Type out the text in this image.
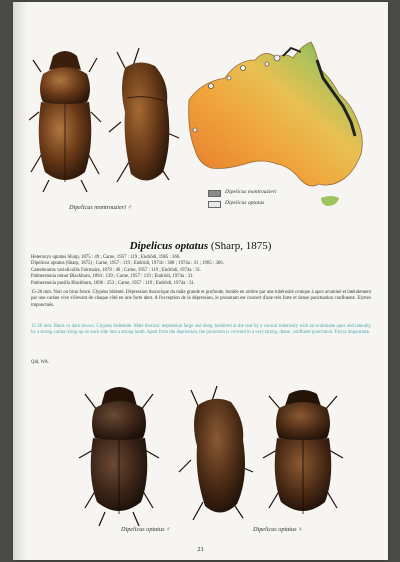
Dipelicus montrouzieri ♂
Dipelicus montrouzieri
Dipelicus optatus
Dipelicus optatus (Sharp, 1875)
Heteronyx optatus Sharp, 1875 : 49 ; Carne, 1957 : 119 ; Endrödi, 1985 : 366.
Dipelicus optatus (Sharp, 1875) ; Carne, 1957 : 119 ; Endrödi, 1971b : 308 ; 1974a : 31 ; 1985 : 366.
Castelnoutus variolicollis Fairmaire, 1878 : 46 ; Carne, 1957 : 119 ; Endrödi, 1974a : 31.
Palmerstonia minor Blackburn, 1894 : 139 ; Carne, 1957 : 119 ; Endrödi, 1974a : 31.
Palmerstonia pusilla Blackburn, 1896 : 253 ; Carne, 1957 : 119 ; Endrödi, 1974a : 31.
15-26 mm. Noir ou brun foncé. Clypéus bidenté. Dépression thoracique du mâle grande et profonde, bordée en arrière par une tubérosité conique à apex acuminé et latéralement par une carène vive s'élevant de chaque côté en une forte dent. A l'exception de la dépression, le pronotum est couvert d'une très forte et dense ponctuation confluente. Elytres imponctués.
15-26 mm. Black or dark brown. Clypeus bidentate. Male thoracic depression large and deep, bordered at the rear by a conical tuberosity with an acuminate apex and laterally by a strong carina rising up on each side into a strong tooth. Apart from the depression, the pronotum is covered in a very strong, dense, confluent punctation. Elytra impunctate.
Qld, WA.
Dipelicus optatus ♂	Dipelicus optatus ♀
21
